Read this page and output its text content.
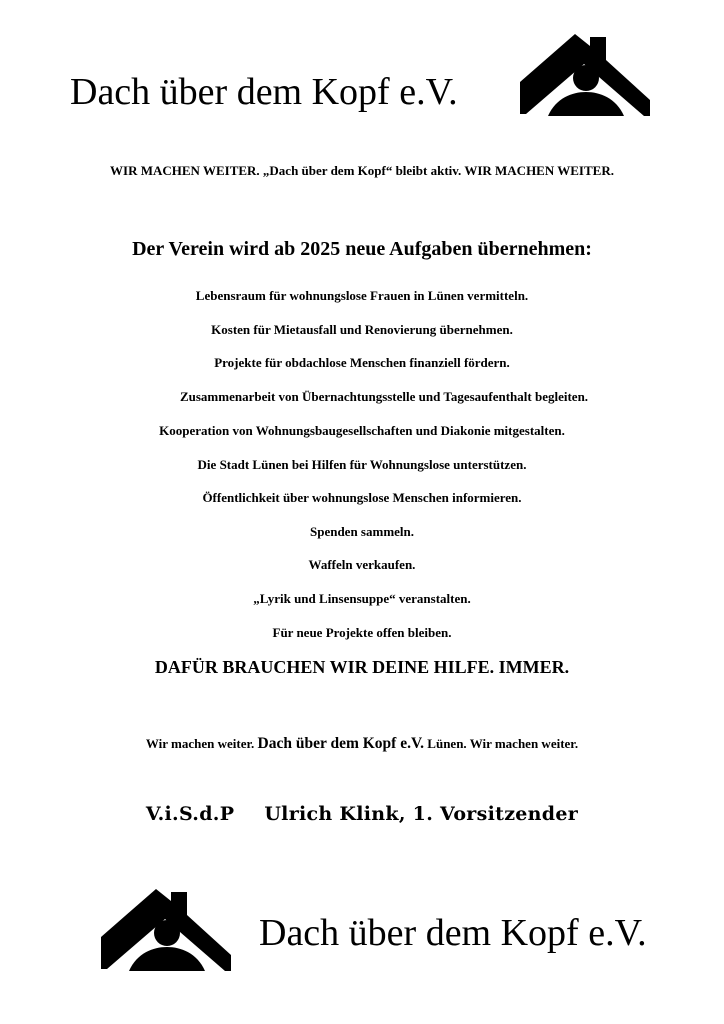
Dach über dem Kopf e.V.
WIR MACHEN WEITER. „Dach über dem Kopf“ bleibt aktiv. WIR MACHEN WEITER.
Der Verein wird ab 2025 neue Aufgaben übernehmen:
Lebensraum für wohnungslose Frauen in Lünen vermitteln.
Kosten für Mietausfall und Renovierung übernehmen.
Projekte für obdachlose Menschen finanziell fördern.
Zusammenarbeit von Übernachtungsstelle und Tagesaufenthalt begleiten.
Kooperation von Wohnungsbaugesellschaften und Diakonie mitgestalten.
Die Stadt Lünen bei Hilfen für Wohnungslose unterstützen.
Öffentlichkeit über wohnungslose Menschen informieren.
Spenden sammeln.
Waffeln verkaufen.
„Lyrik und Linsensuppe“ veranstalten.
Für neue Projekte offen bleiben.
DAFÜR BRAUCHEN WIR DEINE HILFE. IMMER.
Wir machen weiter. Dach über dem Kopf e.V. Lünen. Wir machen weiter.
V.i.S.d.P Ulrich Klink, 1. Vorsitzender
Dach über dem Kopf e.V.
